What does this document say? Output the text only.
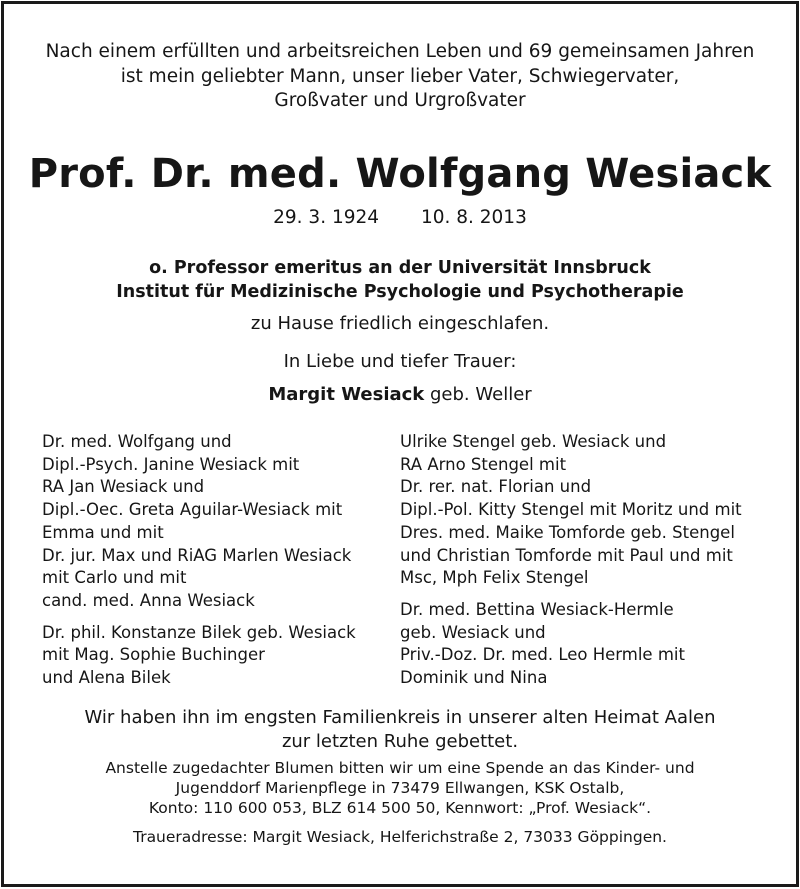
Nach einem erfüllten und arbeitsreichen Leben und 69 gemeinsamen Jahren
ist mein geliebter Mann, unser lieber Vater, Schwiegervater,
Großvater und Urgroßvater
Prof. Dr. med. Wolfgang Wesiack
29. 3. 1924 10. 8. 2013
o. Professor emeritus an der Universität Innsbruck
Institut für Medizinische Psychologie und Psychotherapie
zu Hause friedlich eingeschlafen.
In Liebe und tiefer Trauer:
Margit Wesiack geb. Weller
Dr. med. Wolfgang und
Dipl.-Psych. Janine Wesiack mit
RA Jan Wesiack und
Dipl.-Oec. Greta Aguilar-Wesiack mit
Emma und mit
Dr. jur. Max und RiAG Marlen Wesiack
mit Carlo und mit
cand. med. Anna Wesiack
Dr. phil. Konstanze Bilek geb. Wesiack
mit Mag. Sophie Buchinger
und Alena Bilek
Ulrike Stengel geb. Wesiack und
RA Arno Stengel mit
Dr. rer. nat. Florian und
Dipl.-Pol. Kitty Stengel mit Moritz und mit
Dres. med. Maike Tomforde geb. Stengel
und Christian Tomforde mit Paul und mit
Msc, Mph Felix Stengel
Dr. med. Bettina Wesiack-Hermle
geb. Wesiack und
Priv.-Doz. Dr. med. Leo Hermle mit
Dominik und Nina
Wir haben ihn im engsten Familienkreis in unserer alten Heimat Aalen
zur letzten Ruhe gebettet.
Anstelle zugedachter Blumen bitten wir um eine Spende an das Kinder- und
Jugenddorf Marienpflege in 73479 Ellwangen, KSK Ostalb,
Konto: 110 600 053, BLZ 614 500 50, Kennwort: „Prof. Wesiack“.
Traueradresse: Margit Wesiack, Helferichstraße 2, 73033 Göppingen.
